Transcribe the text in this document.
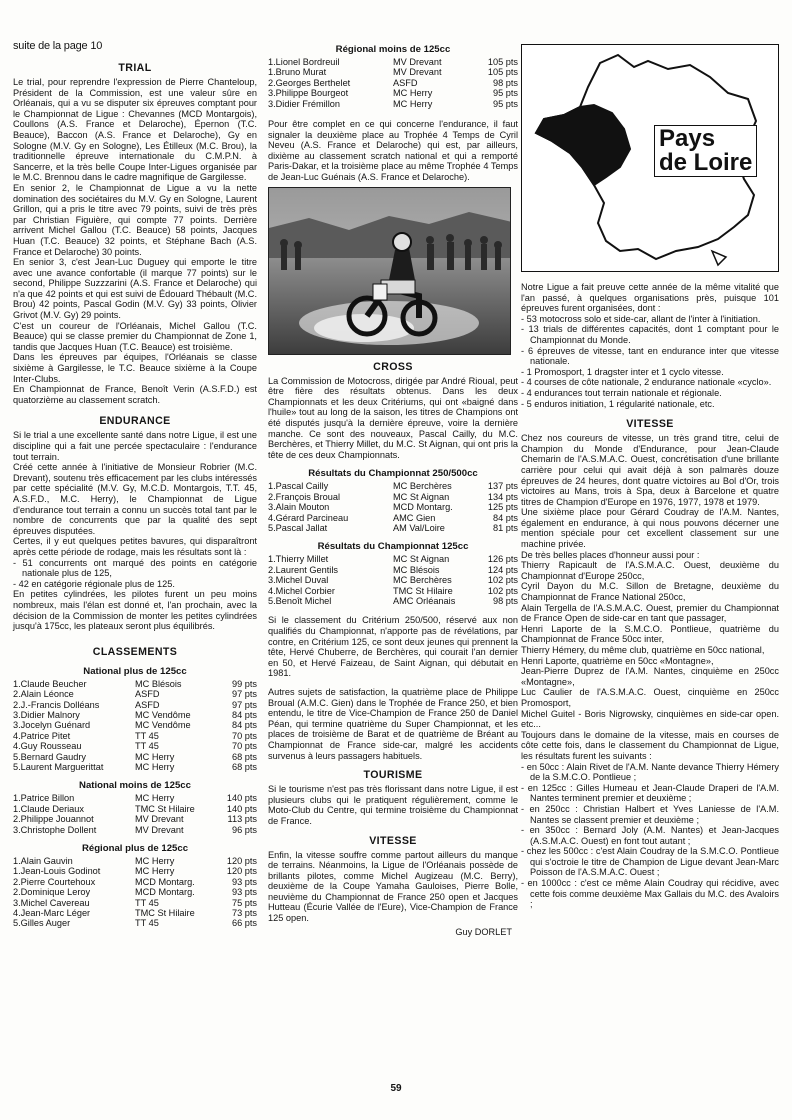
suite de la page 10
TRIAL
Le trial, pour reprendre l'expression de Pierre Chanteloup, Président de la Commission, est une valeur sûre en Orléanais, qui a vu se disputer six épreuves comptant pour le Championnat de Ligue : Chevannes (MCD Montargois), Coullons (A.S. France et Delaroche), Épernon (T.C. Beauce), Baccon (A.S. France et Delaroche), Gy en Sologne (M.V. Gy en Sologne), Les Étilleux (M.C. Brou), la traditionnelle épreuve internationale du C.M.P.N. à Sancerre, et la très belle Coupe Inter-Ligues organisée par le M.C. Brennou dans le cadre magnifique de Gargilesse.
En senior 2, le Championnat de Ligue a vu la nette domination des sociétaires du M.V. Gy en Sologne, Laurent Grillon, qui a pris le titre avec 79 points, suivi de très près par Christian Figuière, qui compte 77 points. Derrière arrivent Michel Gallou (T.C. Beauce) 58 points, Jacques Huan (T.C. Beauce) 32 points, et Stéphane Bach (A.S. France et Delaroche) 30 points.
En senior 3, c'est Jean-Luc Duguey qui emporte le titre avec une avance confortable (il marque 77 points) sur le second, Philippe Suzzzarini (A.S. France et Delaroche) qui n'a que 42 points et qui est suivi de Édouard Thébault (M.C. Brou) 42 points, Pascal Godin (M.V. Gy) 33 points, Olivier Grivot (M.V. Gy) 29 points.
C'est un coureur de l'Orléanais, Michel Gallou (T.C. Beauce) qui se classe premier du Championnat de Zone 1, tandis que Jacques Huan (T.C. Beauce) est troisième.
Dans les épreuves par équipes, l'Orléanais se classe sixième à Gargilesse, le T.C. Beauce sixième à la Coupe Inter-Clubs.
En Championnat de France, Benoît Verin (A.S.F.D.) est quatorzième au classement scratch.
ENDURANCE
Si le trial a une excellente santé dans notre Ligue, il est une discipline qui a fait une percée spectaculaire : l'endurance tout terrain.
Créé cette année à l'initiative de Monsieur Robrier (M.C. Drevant), soutenu très efficacement par les clubs intéressés par cette spécialité (M.V. Gy, M.C.D. Montargois, T.T. 45, A.S.F.D., M.C. Herry), le Championnat de Ligue d'endurance tout terrain a connu un succès total tant par le nombre de concurrents que par la qualité des sept épreuves disputées.
Certes, il y eut quelques petites bavures, qui disparaîtront après cette période de rodage, mais les résultats sont là :
- 51 concurrents ont marqué des points en catégorie nationale plus de 125,
- 42 en catégorie régionale plus de 125.
En petites cylindrées, les pilotes furent un peu moins nombreux, mais l'élan est donné et, l'an prochain, avec la décision de la Commission de monter les petites cylindrées jusqu'à 175cc, les plateaux seront plus équilibrés.
CLASSEMENTS
National plus de 125cc
1.Claude Beucher	MC Blésois	99 pts
2.Alain Léonce	ASFD	97 pts
2.J.-Francis Dolléans	ASFD	97 pts
3.Didier Malnory	MC Vendôme	84 pts
3.Jocelyn Guénard	MC Vendôme	84 pts
4.Patrice Pitet	TT 45	70 pts
4.Guy Rousseau	TT 45	70 pts
5.Bernard Gaudry	MC Herry	68 pts
5.Laurent Marguerittat	MC Herry	68 pts
National moins de 125cc
1.Patrice Billon	MC Herry	140 pts
1.Claude Deriaux	TMC St Hilaire	140 pts
2.Philippe Jouannot	MV Drevant	113 pts
3.Christophe Dollent	MV Drevant	96 pts
Régional plus de 125cc
1.Alain Gauvin	MC Herry	120 pts
1.Jean-Louis Godinot	MC Herry	120 pts
2.Pierre Courtehoux	MCD Montarg.	93 pts
2.Dominique Leroy	MCD Montarg.	93 pts
3.Michel Cavereau	TT 45	75 pts
4.Jean-Marc Léger	TMC St Hilaire	73 pts
5.Gilles Auger	TT 45	66 pts
Régional moins de 125cc
1.Lionel Bordreuil	MV Drevant	105 pts
1.Bruno Murat	MV Drevant	105 pts
2.Georges Berthelet	ASFD	98 pts
3.Philippe Bourgeot	MC Herry	95 pts
3.Didier Frémillon	MC Herry	95 pts
Pour être complet en ce qui concerne l'endurance, il faut signaler la deuxième place au Trophée 4 Temps de Cyril Neveu (A.S. France et Delaroche) qui est, par ailleurs, dixième au classement scratch national et qui a remporté Paris-Dakar, et la troisième place au même Trophée 4 Temps de Jean-Luc Guénais (A.S. France et Delaroche).
CROSS
La Commission de Motocross, dirigée par André Rioual, peut être fière des résultats obtenus. Dans les deux Championnats et les deux Critériums, qui ont «baigné dans l'huile» tout au long de la saison, les titres de Champions ont été disputés jusqu'à la dernière épreuve, voire la dernière manche. Ce sont des nouveaux, Pascal Cailly, du M.C. Berchères, et Thierry Millet, du M.C. St Aignan, qui ont pris la tête de ces deux Championnats.
Résultats du Championnat 250/500cc
1.Pascal Cailly	MC Berchères	137 pts
2.François Broual	MC St Aignan	134 pts
3.Alain Mouton	MCD Montarg.	125 pts
4.Gérard Parcineau	AMC Gien	84 pts
5.Pascal Jallat	AM Val/Loire	81 pts
Résultats du Championnat 125cc
1.Thierry Millet	MC St Aignan	126 pts
2.Laurent Gentils	MC Blésois	124 pts
3.Michel Duval	MC Berchères	102 pts
4.Michel Corbier	TMC St Hilaire	102 pts
5.Benoît Michel	AMC Orléanais	98 pts
Si le classement du Critérium 250/500, réservé aux non qualifiés du Championnat, n'apporte pas de révélations, par contre, en Critérium 125, ce sont deux jeunes qui prennent la tête, Hervé Chuberre, de Berchères, qui courait l'an dernier en 50, et Hervé Faizeau, de Saint Aignan, qui débutait en 1981.
Autres sujets de satisfaction, la quatrième place de Philippe Broual (A.M.C. Gien) dans le Trophée de France 250, et bien entendu, le titre de Vice-Champion de France 250 de Daniel Péan, qui termine quatrième du Super Championnat, et les places de troisième de Barat et de quatrième de Bréant au Championnat de France side-car, malgré les accidents survenus à leurs passagers habituels.
TOURISME
Si le tourisme n'est pas très florissant dans notre Ligue, il est plusieurs clubs qui le pratiquent régulièrement, comme le Moto-Club du Centre, qui termine troisième du Championnat de France.
VITESSE
Enfin, la vitesse souffre comme partout ailleurs du manque de terrains. Néanmoins, la Ligue de l'Orléanais possède de brillants pilotes, comme Michel Augizeau (M.C. Berry), deuxième de la Coupe Yamaha Gauloises, Pierre Bolle, neuvième du Championnat de France 250 open et Jacques Hutteau (Écurie Vallée de l'Eure), Vice-Champion de France 125 open.
Guy DORLET
Pays
de Loire
Notre Ligue a fait preuve cette année de la même vitalité que l'an passé, à quelques organisations près, puisque 101 épreuves furent organisées, dont :
- 53 motocross solo et side-car, allant de l'inter à l'initiation.
- 13 trials de différentes capacités, dont 1 comptant pour le Championnat du Monde.
- 6 épreuves de vitesse, tant en endurance inter que vitesse nationale.
- 1 Promosport, 1 dragster inter et 1 cyclo vitesse.
- 4 courses de côte nationale, 2 endurance nationale «cyclo».
- 4 endurances tout terrain nationale et régionale.
- 5 enduros initiation, 1 régularité nationale, etc.
VITESSE
Chez nos coureurs de vitesse, un très grand titre, celui de Champion du Monde d'Endurance, pour Jean-Claude Chemarin de l'A.S.M.A.C. Ouest, concrétisation d'une brillante carrière pour celui qui avait déjà à son palmarès douze épreuves de 24 heures, dont quatre victoires au Bol d'Or, trois victoires au Mans, trois à Spa, deux à Barcelone et quatre titres de Champion d'Europe en 1976, 1977, 1978 et 1979.
Une sixième place pour Gérard Coudray de l'A.M. Nantes, également en endurance, à qui nous pouvons décerner une mention spéciale pour cet excellent classement sur une machine privée.
De très belles places d'honneur aussi pour :
Thierry Rapicault de l'A.S.M.A.C. Ouest, deuxième du Championnat d'Europe 250cc,
Cyril Dayon du M.C. Sillon de Bretagne, deuxième du Championnat de France National 250cc,
Alain Tergella de l'A.S.M.A.C. Ouest, premier du Championnat de France Open de side-car en tant que passager,
Henri Laporte de la S.M.C.O. Pontlieue, quatrième du Championnat de France 50cc inter,
Thierry Hémery, du même club, quatrième en 50cc national,
Henri Laporte, quatrième en 50cc «Montagne»,
Jean-Pierre Duprez de l'A.M. Nantes, cinquième en 250cc «Montagne»,
Luc Caulier de l'A.S.M.A.C. Ouest, cinquième en 250cc Promosport,
Michel Guitel - Boris Nigrowsky, cinquièmes en side-car open. etc...
Toujours dans le domaine de la vitesse, mais en courses de côte cette fois, dans le classement du Championnat de Ligue, les résultats furent les suivants :
- en 50cc : Alain Rivet de l'A.M. Nante devance Thierry Hémery de la S.M.C.O. Pontlieue ;
- en 125cc : Gilles Humeau et Jean-Claude Draperi de l'A.M. Nantes terminent premier et deuxième ;
- en 250cc : Christian Halbert et Yves Laniesse de l'A.M. Nantes se classent premier et deuxième ;
- en 350cc : Bernard Joly (A.M. Nantes) et Jean-Jacques (A.S.M.A.C. Ouest) en font tout autant ;
- chez les 500cc : c'est Alain Coudray de la S.M.C.O. Pontlieue qui s'octroie le titre de Champion de Ligue devant Jean-Marc Poisson de l'A.S.M.A.C. Ouest ;
- en 1000cc : c'est ce même Alain Coudray qui récidive, avec cette fois comme deuxième Max Gallais du M.C. des Avaloirs ;
59
